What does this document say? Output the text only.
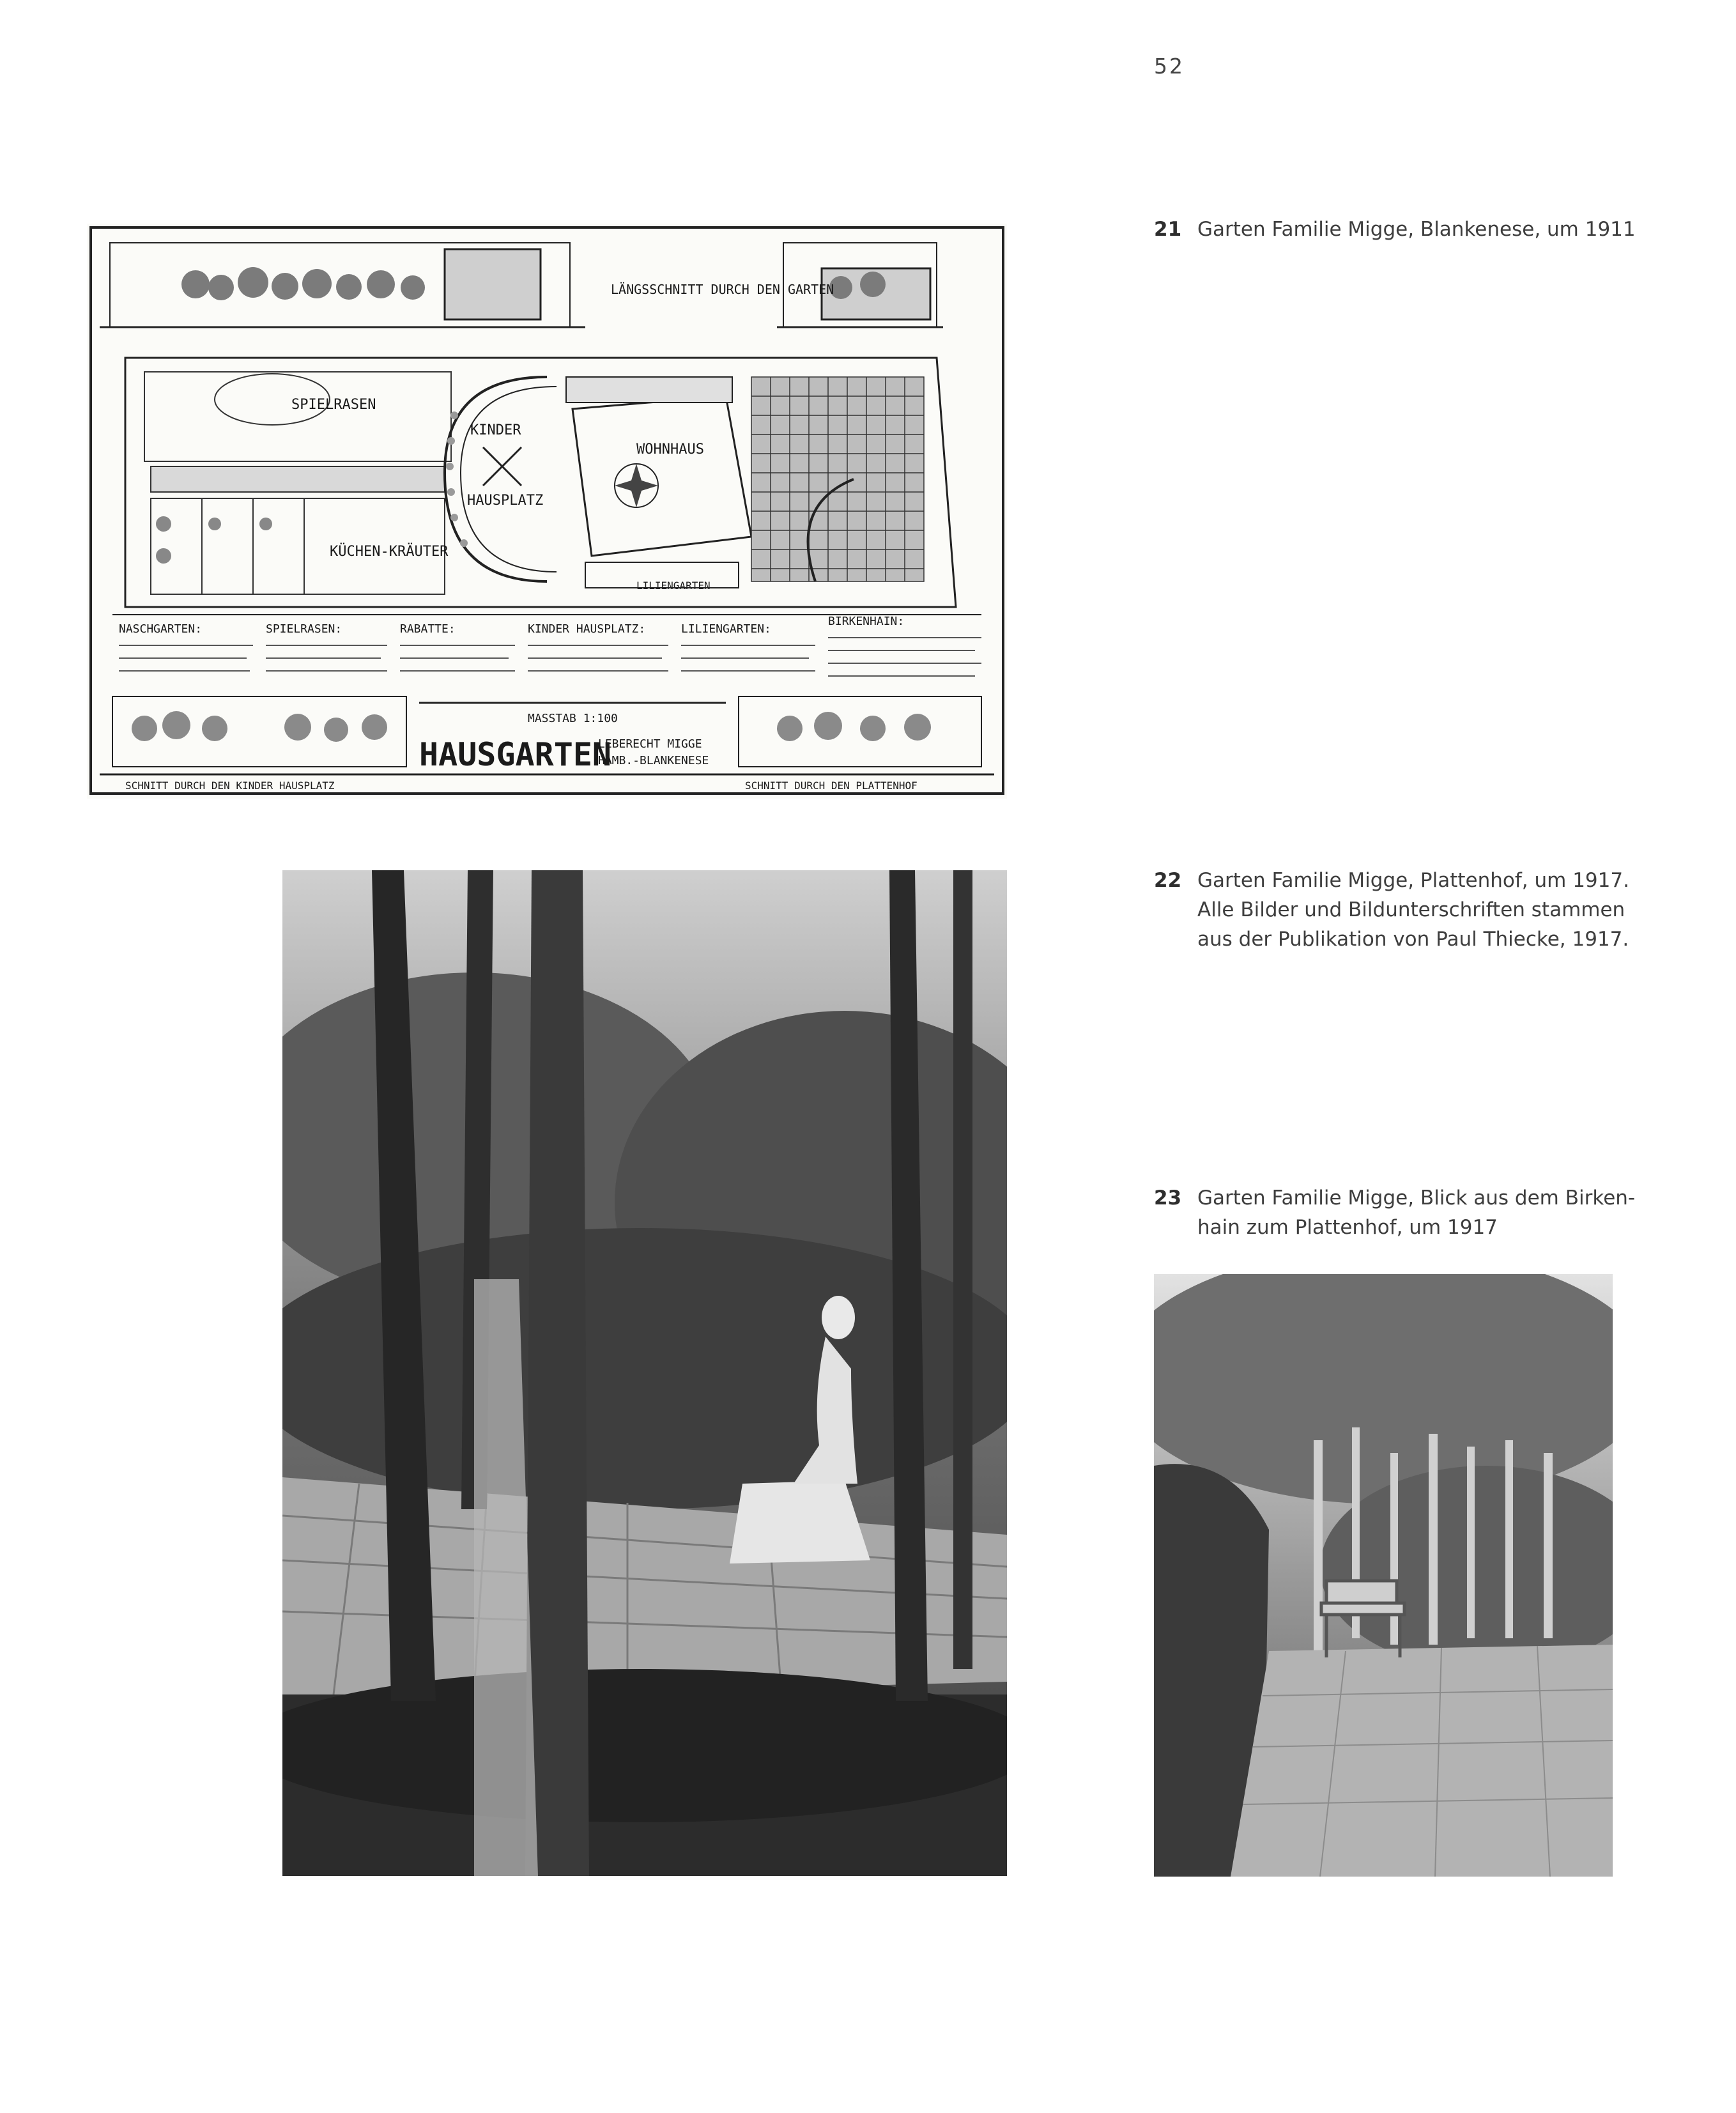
52
LÄNGSSCHNITT DURCH DEN GARTEN
SPIELRASEN
KÜCHEN-KRÄUTER
KINDER
HAUSPLATZ
WOHNHAUS
LILIENGARTEN
NASCHGARTEN:	SPIELRASEN:	RABATTE:	KINDER HAUSPLATZ:	LILIENGARTEN:
BIRKENHAIN:
MASSTAB 1:100
HAUSGARTEN
LEBERECHT MIGGE
HAMB.-BLANKENESE
SCHNITT DURCH DEN KINDER HAUSPLATZ	SCHNITT DURCH DEN PLATTENHOF
21 Garten Familie Migge, Blankenese, um 1911
22 Garten Familie Migge, Plattenhof, um 1917.
Alle Bilder und Bildunterschriften stammen
aus der Publikation von Paul Thiecke, 1917.
23 Garten Familie Migge, Blick aus dem Birken-
hain zum Plattenhof, um 1917
